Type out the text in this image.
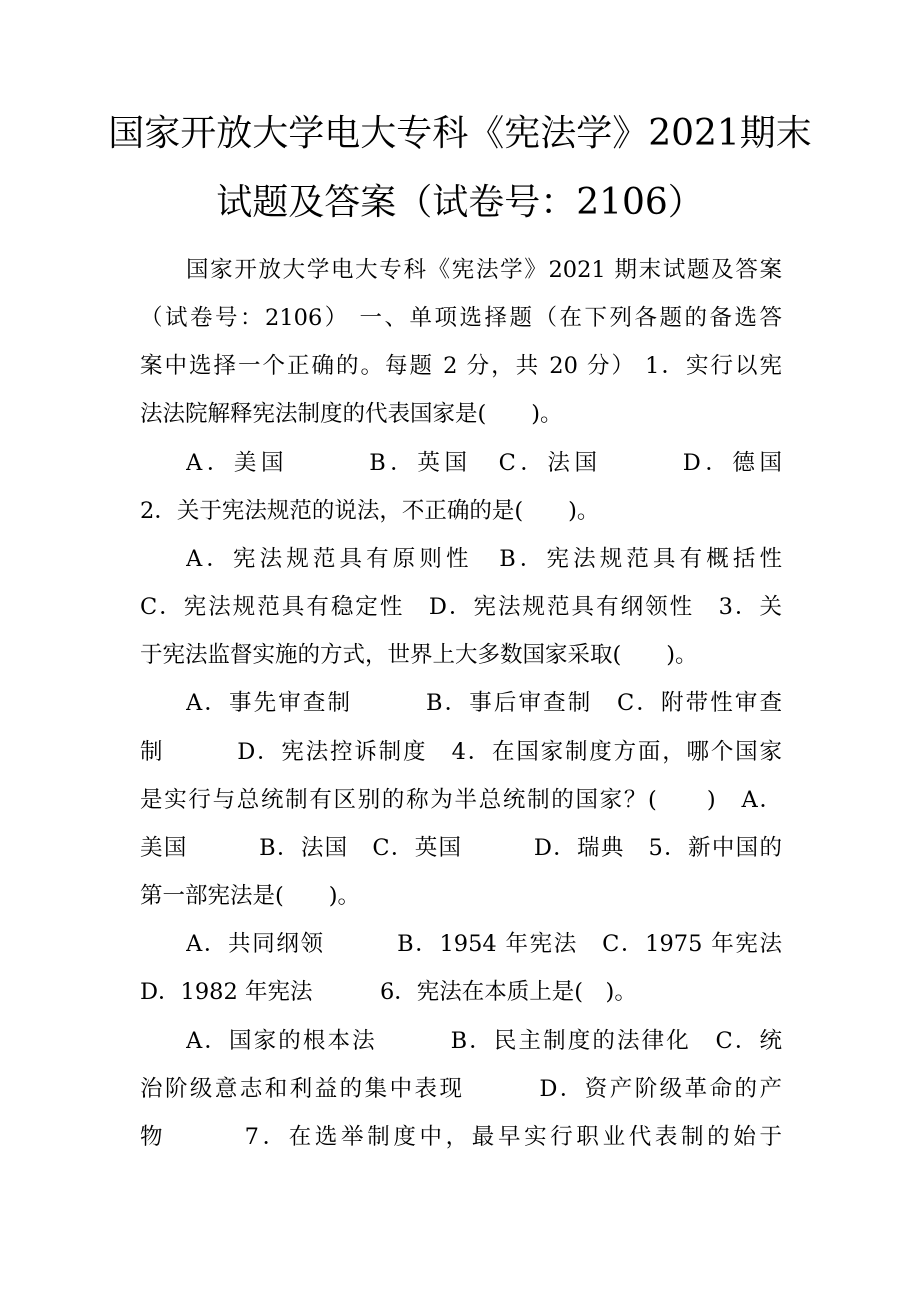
国家开放大学电大专科《宪法学》2021期末
试题及答案（试卷号：2106）
国家开放大学电大专科《宪法学》2021 期末试题及答案
（试卷号：2106） 一、单项选择题（在下列各题的备选答
案中选择一个正确的。每题 2 分，共 20 分） 1．实行以宪
法法院解释宪法制度的代表国家是(　　)。
A．美国　　　B．英国　C．法国　　　D．德国
2．关于宪法规范的说法，不正确的是(　　)。
A．宪法规范具有原则性　B．宪法规范具有概括性
C．宪法规范具有稳定性　D．宪法规范具有纲领性　3．关
于宪法监督实施的方式，世界上大多数国家采取(　　)。
A．事先审查制　　　B．事后审查制　C．附带性审查
制　　　D．宪法控诉制度　4．在国家制度方面，哪个国家
是实行与总统制有区别的称为半总统制的国家？(　　)　A．
美国　　　B．法国　C．英国　　　D．瑞典　5．新中国的
第一部宪法是(　　)。
A．共同纲领　　　B．1954 年宪法　C．1975 年宪法
D．1982 年宪法　　　6．宪法在本质上是(　)。
A．国家的根本法　　　B．民主制度的法律化　C．统
治阶级意志和利益的集中表现　　　D．资产阶级革命的产
物　　　7．在选举制度中，最早实行职业代表制的始于
